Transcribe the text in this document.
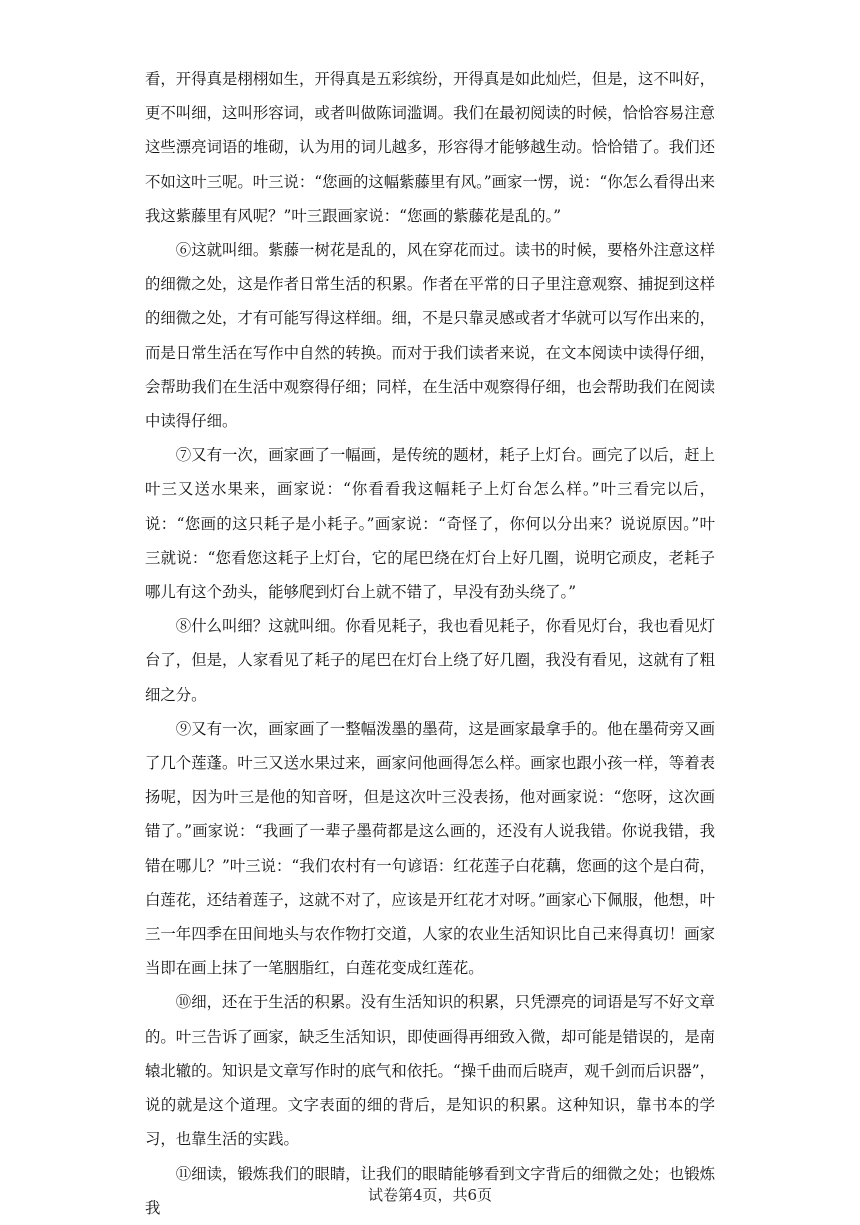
看，开得真是栩栩如生，开得真是五彩缤纷，开得真是如此灿烂，但是，这不叫好，更不叫细，这叫形容词，或者叫做陈词滥调。我们在最初阅读的时候，恰恰容易注意这些漂亮词语的堆砌，认为用的词儿越多，形容得才能够越生动。恰恰错了。我们还不如这叶三呢。叶三说：“您画的这幅紫藤里有风。”画家一愣，说：“你怎么看得出来我这紫藤里有风呢？”叶三跟画家说：“您画的紫藤花是乱的。”

⑥这就叫细。紫藤一树花是乱的，风在穿花而过。读书的时候，要格外注意这样的细微之处，这是作者日常生活的积累。作者在平常的日子里注意观察、捕捉到这样的细微之处，才有可能写得这样细。细，不是只靠灵感或者才华就可以写作出来的，而是日常生活在写作中自然的转换。而对于我们读者来说，在文本阅读中读得仔细，会帮助我们在生活中观察得仔细；同样，在生活中观察得仔细，也会帮助我们在阅读中读得仔细。

⑦又有一次，画家画了一幅画，是传统的题材，耗子上灯台。画完了以后，赶上叶三又送水果来，画家说：“你看看我这幅耗子上灯台怎么样。”叶三看完以后，说：“您画的这只耗子是小耗子。”画家说：“奇怪了，你何以分出来？说说原因。”叶三就说：“您看您这耗子上灯台，它的尾巴绕在灯台上好几圈，说明它顽皮，老耗子哪儿有这个劲头，能够爬到灯台上就不错了，早没有劲头绕了。”

⑧什么叫细？这就叫细。你看见耗子，我也看见耗子，你看见灯台，我也看见灯台了，但是，人家看见了耗子的尾巴在灯台上绕了好几圈，我没有看见，这就有了粗细之分。

⑨又有一次，画家画了一整幅泼墨的墨荷，这是画家最拿手的。他在墨荷旁又画了几个莲蓬。叶三又送水果过来，画家问他画得怎么样。画家也跟小孩一样，等着表扬呢，因为叶三是他的知音呀，但是这次叶三没表扬，他对画家说：“您呀，这次画错了。”画家说：“我画了一辈子墨荷都是这么画的，还没有人说我错。你说我错，我错在哪儿？”叶三说：“我们农村有一句谚语：红花莲子白花藕，您画的这个是白荷，白莲花，还结着莲子，这就不对了，应该是开红花才对呀。”画家心下佩服，他想，叶三一年四季在田间地头与农作物打交道，人家的农业生活知识比自己来得真切！画家当即在画上抹了一笔胭脂红，白莲花变成红莲花。

⑩细，还在于生活的积累。没有生活知识的积累，只凭漂亮的词语是写不好文章的。叶三告诉了画家，缺乏生活知识，即使画得再细致入微，却可能是错误的，是南辕北辙的。知识是文章写作时的底气和依托。“操千曲而后晓声，观千剑而后识器”，说的就是这个道理。文字表面的细的背后，是知识的积累。这种知识，靠书本的学习，也靠生活的实践。

⑪细读，锻炼我们的眼睛，让我们的眼睛能够看到文字背后的细微之处；也锻炼我

试卷第4页，共6页
